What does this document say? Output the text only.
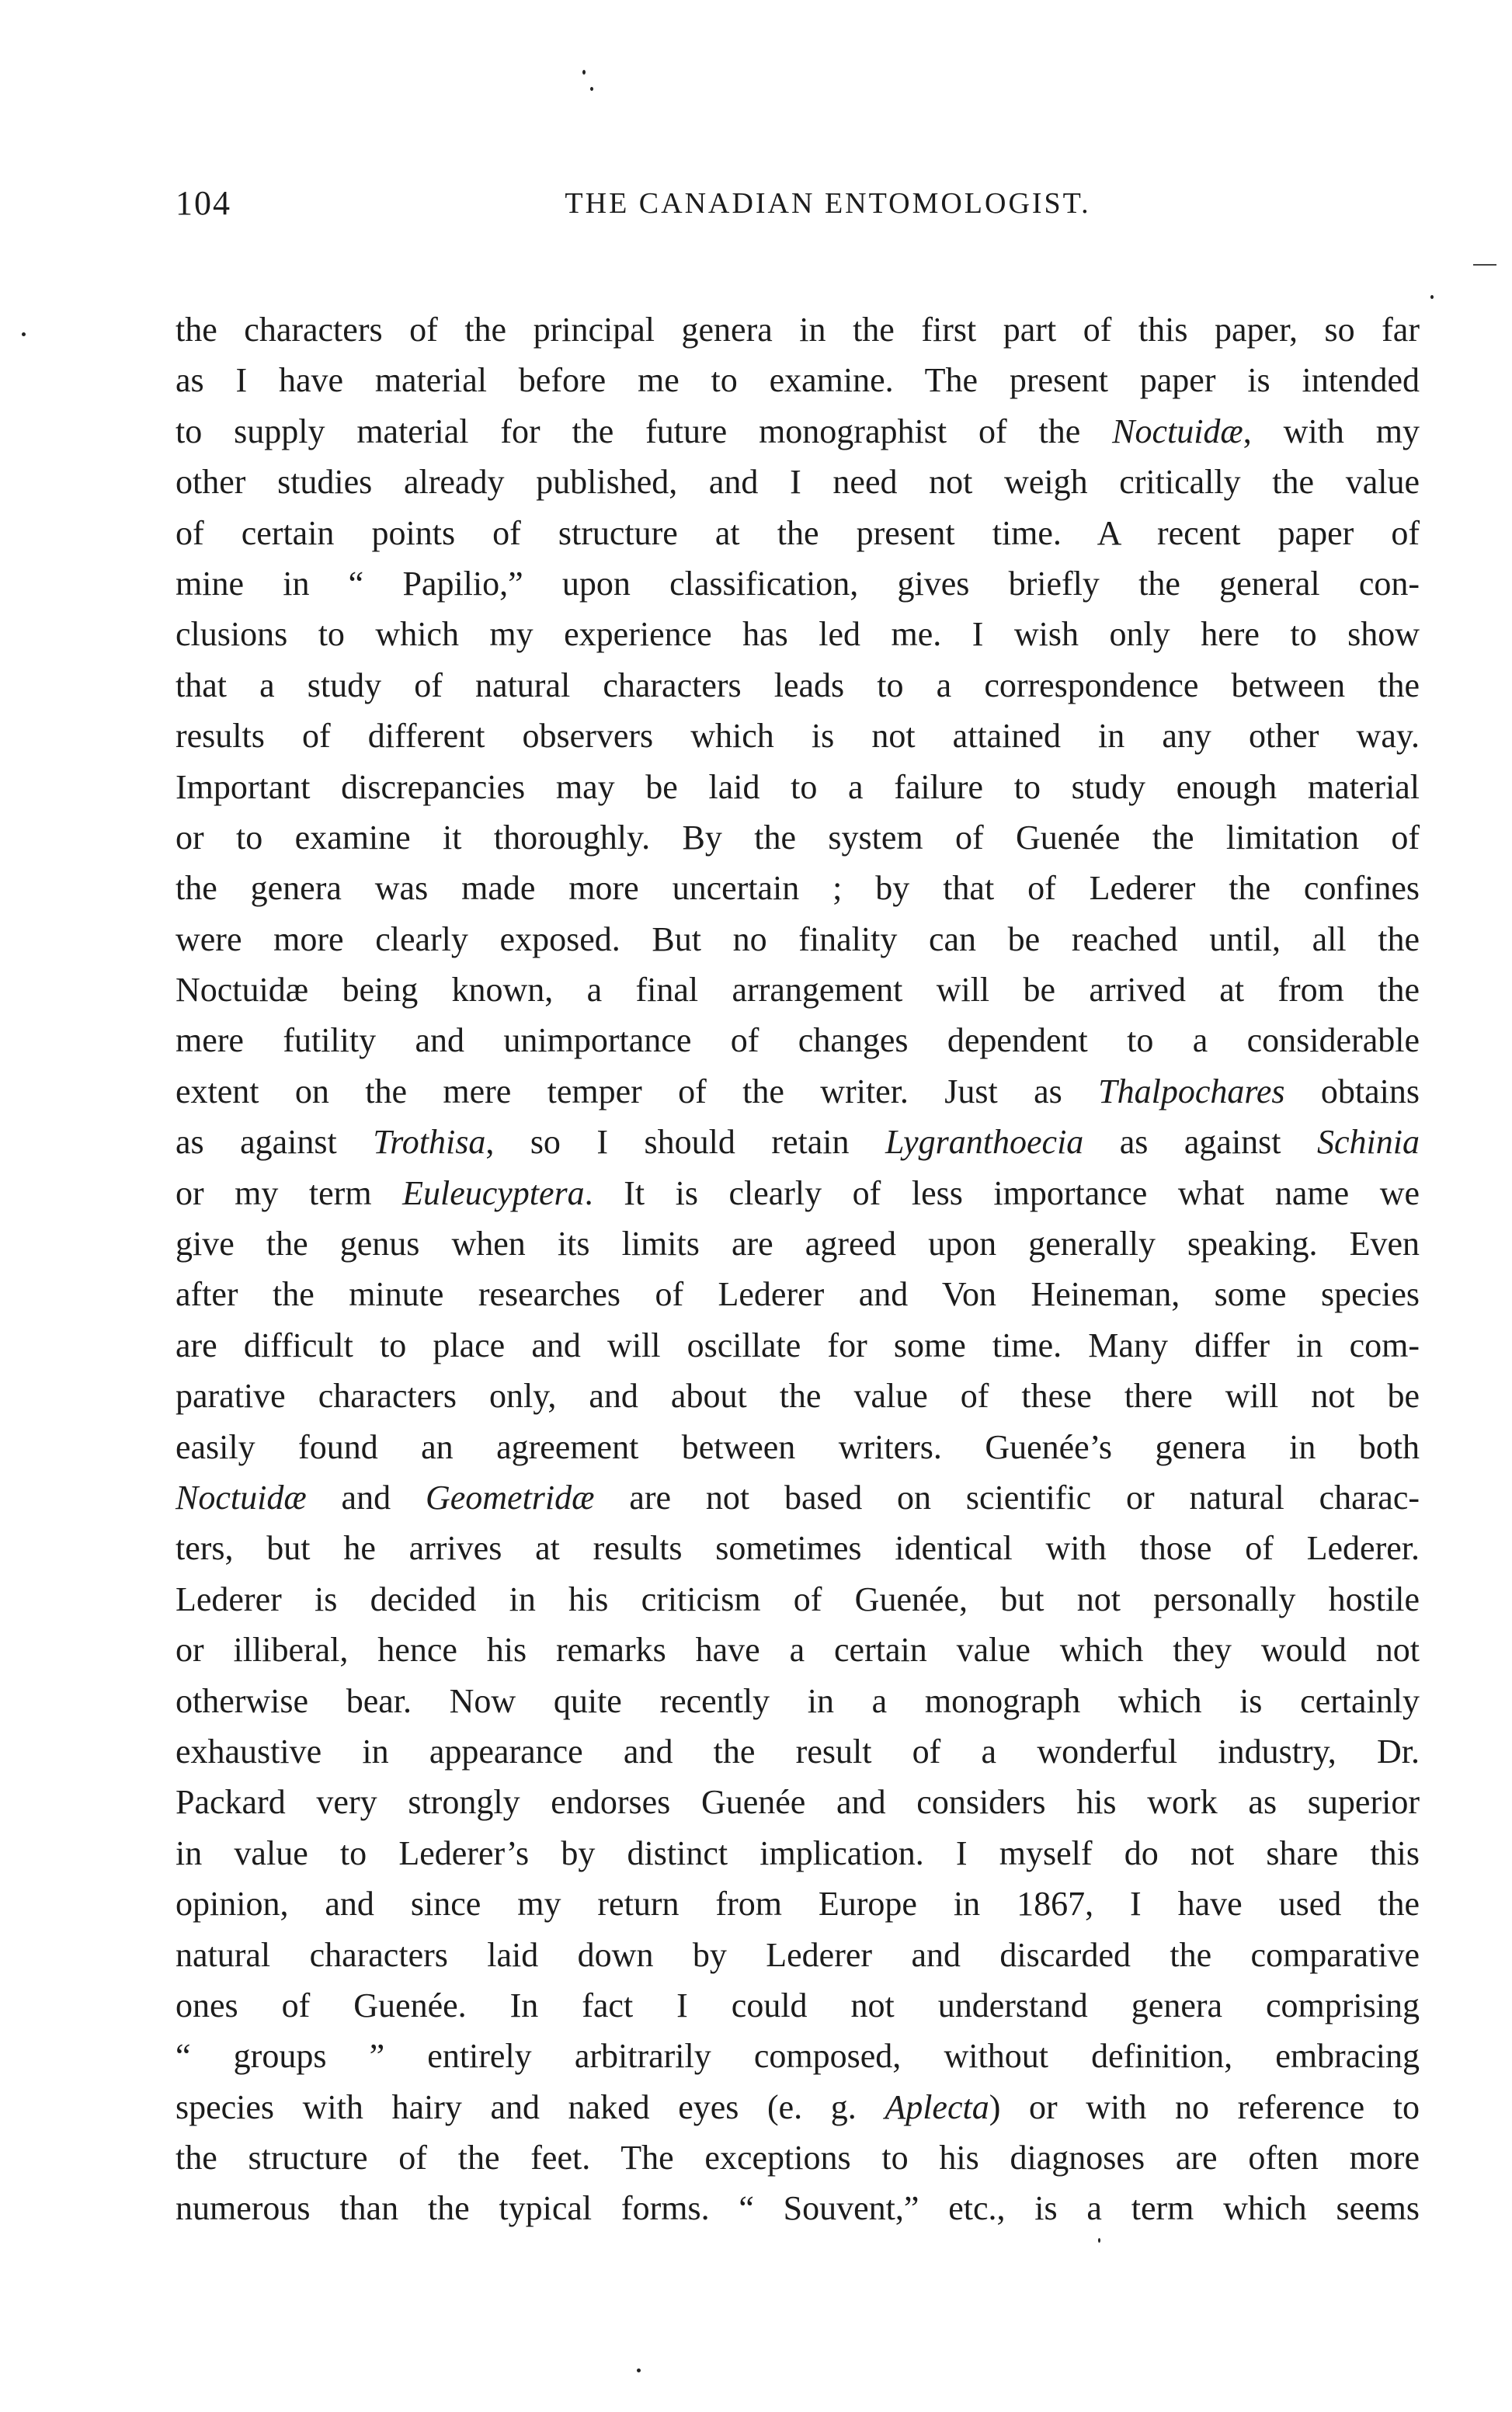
104	THE CANADIAN ENTOMOLOGIST.
the characters of the principal genera in the first part of this paper, so far
as I have material before me to examine. The present paper is intended
to supply material for the future monographist of the Noctuidæ, with my
other studies already published, and I need not weigh critically the value
of certain points of structure at the present time. A recent paper of
mine in “ Papilio,” upon classification, gives briefly the general con-
clusions to which my experience has led me. I wish only here to show
that a study of natural characters leads to a correspondence between the
results of different observers which is not attained in any other way.
Important discrepancies may be laid to a failure to study enough material
or to examine it thoroughly. By the system of Guenée the limitation of
the genera was made more uncertain ; by that of Lederer the confines
were more clearly exposed. But no finality can be reached until, all the
Noctuidæ being known, a final arrangement will be arrived at from the
mere futility and unimportance of changes dependent to a considerable
extent on the mere temper of the writer. Just as Thalpochares obtains
as against Trothisa, so I should retain Lygranthoecia as against Schinia
or my term Euleucyptera. It is clearly of less importance what name we
give the genus when its limits are agreed upon generally speaking. Even
after the minute researches of Lederer and Von Heineman, some species
are difficult to place and will oscillate for some time. Many differ in com-
parative characters only, and about the value of these there will not be
easily found an agreement between writers. Guenée’s genera in both
Noctuidæ and Geometridæ are not based on scientific or natural charac-
ters, but he arrives at results sometimes identical with those of Lederer.
Lederer is decided in his criticism of Guenée, but not personally hostile
or illiberal, hence his remarks have a certain value which they would not
otherwise bear. Now quite recently in a monograph which is certainly
exhaustive in appearance and the result of a wonderful industry, Dr.
Packard very strongly endorses Guenée and considers his work as superior
in value to Lederer’s by distinct implication. I myself do not share this
opinion, and since my return from Europe in 1867, I have used the
natural characters laid down by Lederer and discarded the comparative
ones of Guenée. In fact I could not understand genera comprising
“ groups ” entirely arbitrarily composed, without definition, embracing
species with hairy and naked eyes (e. g. Aplecta) or with no reference to
the structure of the feet. The exceptions to his diagnoses are often more
numerous than the typical forms. “ Souvent,” etc., is a term which seems
